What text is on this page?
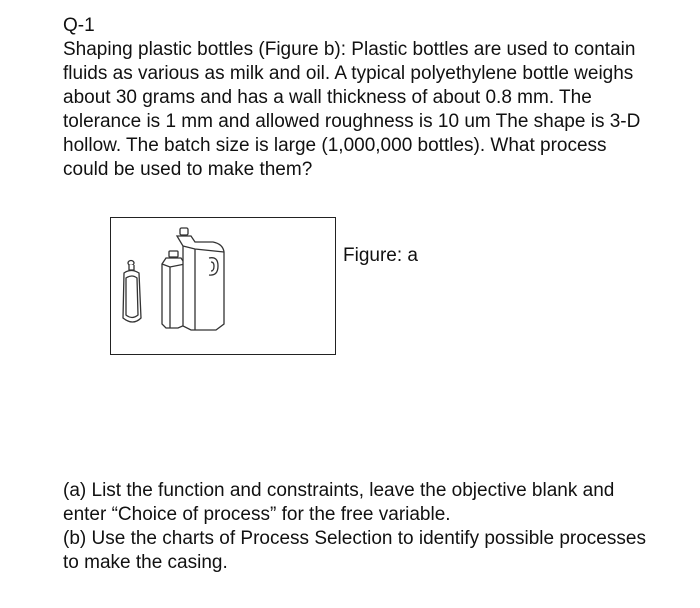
Q-1

Shaping plastic bottles (Figure b): Plastic bottles are used to contain fluids as various as milk and oil. A typical polyethylene bottle weighs about 30 grams and has a wall thickness of about 0.8 mm. The tolerance is 1 mm and allowed roughness is 10 um The shape is 3-D hollow. The batch size is large (1,000,000 bottles). What process could be used to make them?

Figure: a

(a) List the function and constraints, leave the objective blank and enter “Choice of process” for the free variable.

(b) Use the charts of Process Selection to identify possible processes to make the casing.
